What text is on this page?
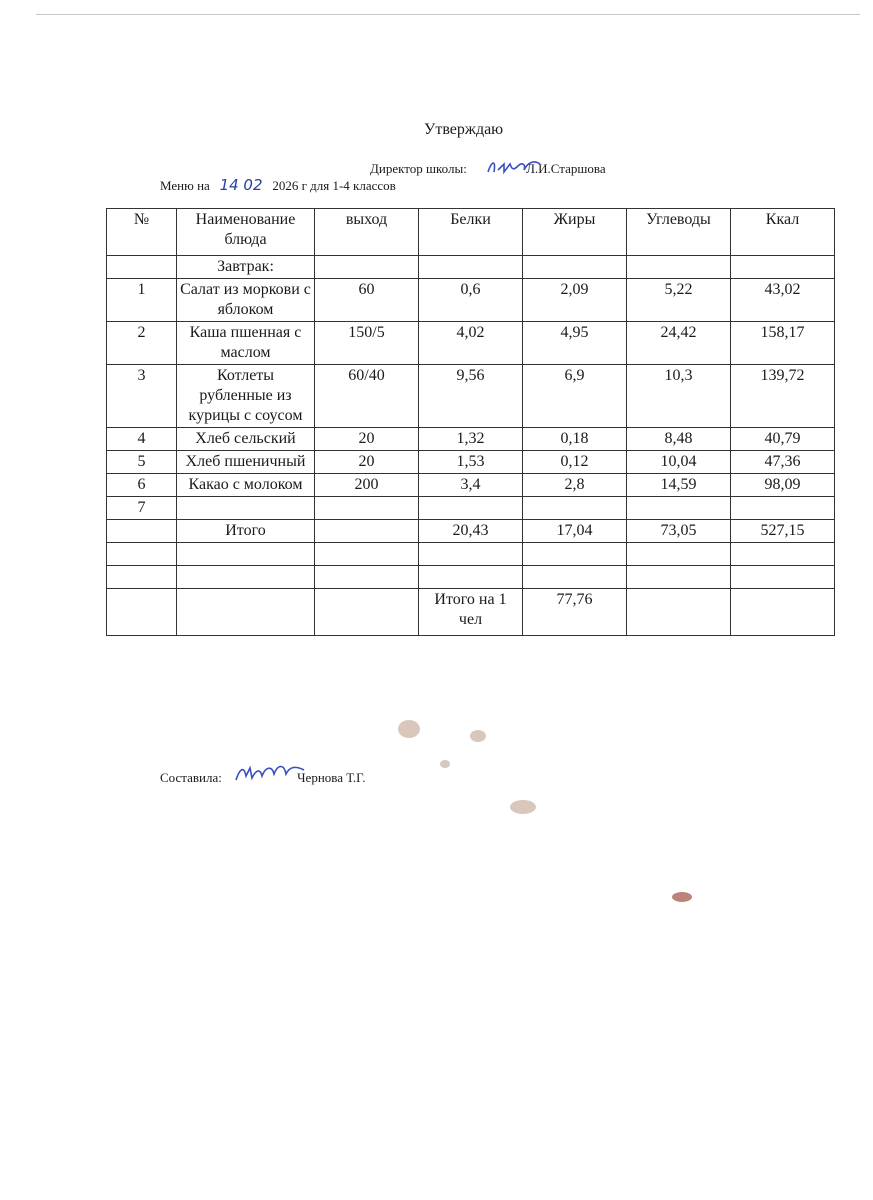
Утверждаю
Директор школы:	Л.И.Старшова
Меню на 14 02 2026 г для 1-4 классов
№	Наименование блюда	выход	Белки	Жиры	Углеводы	Ккал
	Завтрак:					
1	Салат из моркови с яблоком	60	0,6	2,09	5,22	43,02
2	Каша пшенная с маслом	150/5	4,02	4,95	24,42	158,17
3	Котлеты рубленные из курицы с соусом	60/40	9,56	6,9	10,3	139,72
4	Хлеб сельский	20	1,32	0,18	8,48	40,79
5	Хлеб пшеничный	20	1,53	0,12	10,04	47,36
6	Какао с молоком	200	3,4	2,8	14,59	98,09
7						
	Итого		20,43	17,04	73,05	527,15

			Итого на 1 чел	77,76		
Составила:	Чернова Т.Г.
